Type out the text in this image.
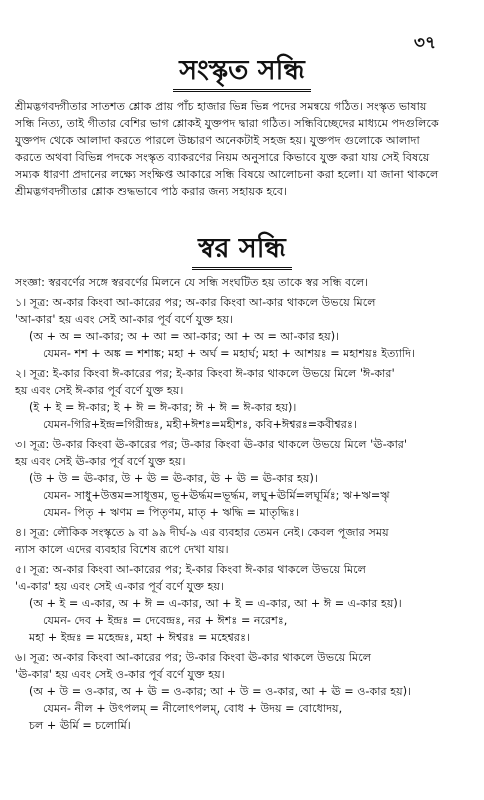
৩৭
সংস্কৃত সন্ধি
শ্রীমদ্ভগবদ্গীতার সাতশত শ্লোক প্রায় পাঁচ হাজার ভিন্ন ভিন্ন পদের সমন্বয়ে গঠিত। সংস্কৃত ভাষায়
সন্ধি নিত্য, তাই গীতার বেশির ভাগ শ্লোকই যুক্তপদ দ্বারা গঠিত। সন্ধিবিচ্ছেদের মাধ্যমে পদগুলিকে
যুক্তপদ থেকে আলাদা করতে পারলে উচ্চারণ অনেকটাই সহজ হয়। যুক্তপদ গুলোকে আলাদা
করতে অথবা বিভিন্ন পদকে সংস্কৃত ব্যাকরণের নিয়ম অনুসারে কিভাবে যুক্ত করা যায় সেই বিষয়ে
সম্যক ধারণা প্রদানের লক্ষ্যে সংক্ষিপ্ত আকারে সন্ধি বিষয়ে আলোচনা করা হলো। যা জানা থাকলে
শ্রীমদ্ভগবদ্গীতার শ্লোক শুদ্ধভাবে পাঠ করার জন্য সহায়ক হবে।
স্বর সন্ধি
সংজ্ঞা: স্বরবর্ণের সঙ্গে স্বরবর্ণের মিলনে যে সন্ধি সংঘটিত হয় তাকে স্বর সন্ধি বলে।
১। সূত্র: অ-কার কিংবা আ-কারের পর; অ-কার কিংবা আ-কার থাকলে উভয়ে মিলে
'আ-কার' হয় এবং সেই আ-কার পূর্ব বর্ণে যুক্ত হয়।
(অ + অ = আ-কার; অ + আ = আ-কার; আ + অ = আ-কার হয়)।
যেমন- শশ + অঙ্ক = শশাঙ্ক; মহা + অর্ঘ = মহার্ঘ; মহা + আশয়ঃ = মহাশয়ঃ ইত্যাদি।
২। সূত্র: ই-কার কিংবা ঈ-কারের পর; ই-কার কিংবা ঈ-কার থাকলে উভয়ে মিলে 'ঈ-কার'
হয় এবং সেই ঈ-কার পূর্ব বর্ণে যুক্ত হয়।
(ই + ই = ঈ-কার; ই + ঈ = ঈ-কার; ঈ + ঈ = ঈ-কার হয়)।
যেমন-গিরি+ইন্দ্র=গিরীন্দ্রঃ, মহী+ঈশঃ=মহীশঃ, কবি+ঈশ্বরঃ=কবীশ্বরঃ।
৩। সূত্র: উ-কার কিংবা ঊ-কারের পর; উ-কার কিংবা ঊ-কার থাকলে উভয়ে মিলে 'ঊ-কার'
হয় এবং সেই ঊ-কার পূর্ব বর্ণে যুক্ত হয়।
(উ + উ = ঊ-কার, উ + ঊ = ঊ-কার, ঊ + ঊ = ঊ-কার হয়)।
যেমন- সাধু+উত্তম=সাধূত্তম, ভূ+ঊর্দ্ধম=ভূর্দ্ধম, লঘু+ঊর্মি=লঘূর্মিঃ; ঋ+ঋ=ৠ
যেমন- পিতৃ + ঋণম = পিতৃণম, মাতৃ + ঋদ্ধি = মাতৃদ্ধিঃ।
৪। সূত্র: লৌকিক সংস্কৃতে ৯ বা ৯৯ দীর্ঘ-৯ এর ব্যবহার তেমন নেই। কেবল পূজার সময়
ন্যাস কালে এদের ব্যবহার বিশেষ রূপে দেখা যায়।
৫। সূত্র: অ-কার কিংবা আ-কারের পর; ই-কার কিংবা ঈ-কার থাকলে উভয়ে মিলে
'এ-কার' হয় এবং সেই এ-কার পূর্ব বর্ণে যুক্ত হয়।
(অ + ই = এ-কার, অ + ঈ = এ-কার, আ + ই = এ-কার, আ + ঈ = এ-কার হয়)।
যেমন- দেব + ইন্দ্রঃ = দেবেন্দ্রঃ, নর + ঈশঃ = নরেশঃ,
মহা + ইন্দ্রঃ = মহেন্দ্রঃ, মহা + ঈশ্বরঃ = মহেশ্বরঃ।
৬। সূত্র: অ-কার কিংবা আ-কারের পর; উ-কার কিংবা ঊ-কার থাকলে উভয়ে মিলে
'ঊ-কার' হয় এবং সেই ও-কার পূর্ব বর্ণে যুক্ত হয়।
(অ + উ = ও-কার, অ + ঊ = ও-কার; আ + উ = ও-কার, আ + ঊ = ও-কার হয়)।
যেমন- নীল + উৎপলম্ = নীলোৎপলম্, বোধ + উদয় = বোধোদয়,
চল + ঊর্মি = চলোর্মি।
